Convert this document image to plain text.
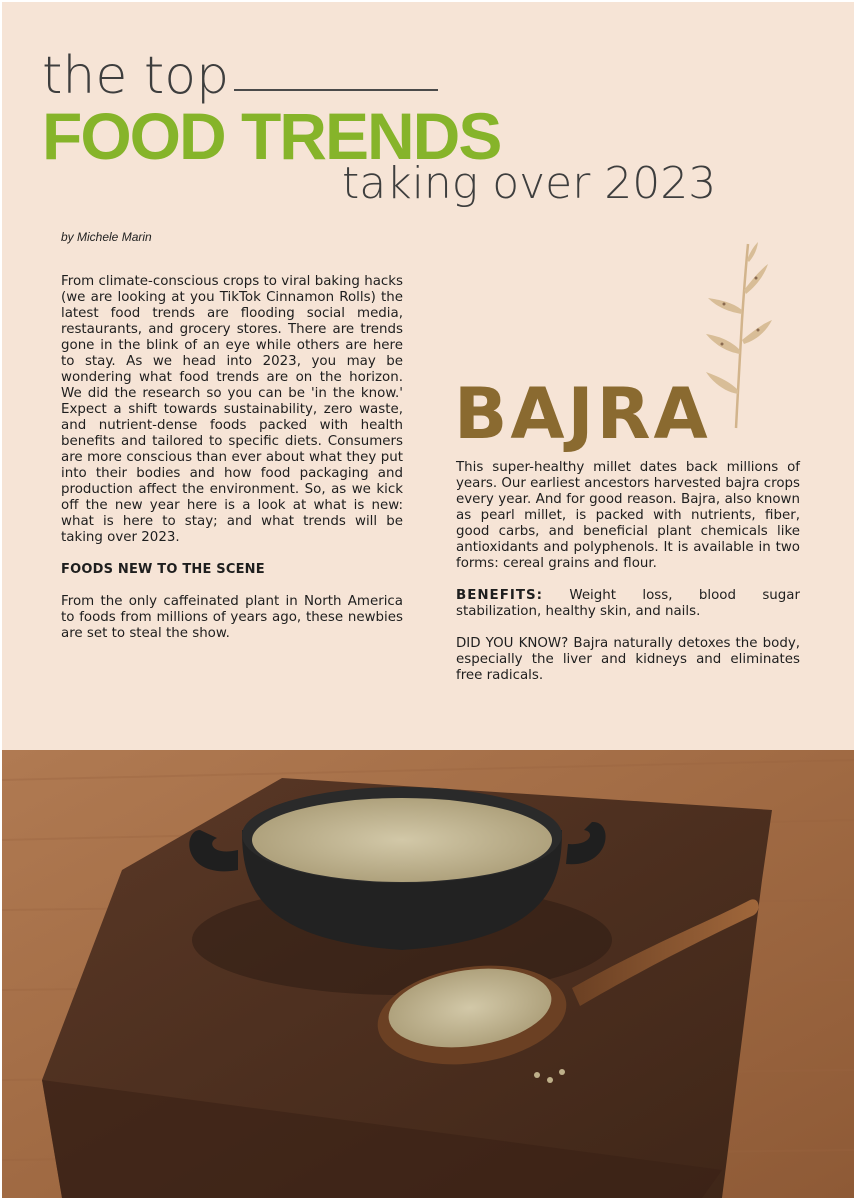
the top
FOOD TRENDS
taking over 2023
by Michele Marin

From climate-conscious crops to viral baking hacks (we are looking at you TikTok Cinnamon Rolls) the latest food trends are flooding social media, restaurants, and grocery stores. There are trends gone in the blink of an eye while others are here to stay. As we head into 2023, you may be wondering what food trends are on the horizon. We did the research so you can be 'in the know.' Expect a shift towards sustainability, zero waste, and nutrient-dense foods packed with health benefits and tailored to specific diets. Consumers are more conscious than ever about what they put into their bodies and how food packaging and production affect the environment. So, as we kick off the new year here is a look at what is new: what is here to stay; and what trends will be taking over 2023.

FOODS NEW TO THE SCENE

From the only caffeinated plant in North America to foods from millions of years ago, these newbies are set to steal the show.

BAJRA

This super-healthy millet dates back millions of years. Our earliest ancestors harvested bajra crops every year. And for good reason. Bajra, also known as pearl millet, is packed with nutrients, fiber, good carbs, and beneficial plant chemicals like antioxidants and polyphenols. It is available in two forms: cereal grains and flour.

BENEFITS: Weight loss, blood sugar stabilization, healthy skin, and nails.

DID YOU KNOW? Bajra naturally detoxes the body, especially the liver and kidneys and eliminates free radicals.
